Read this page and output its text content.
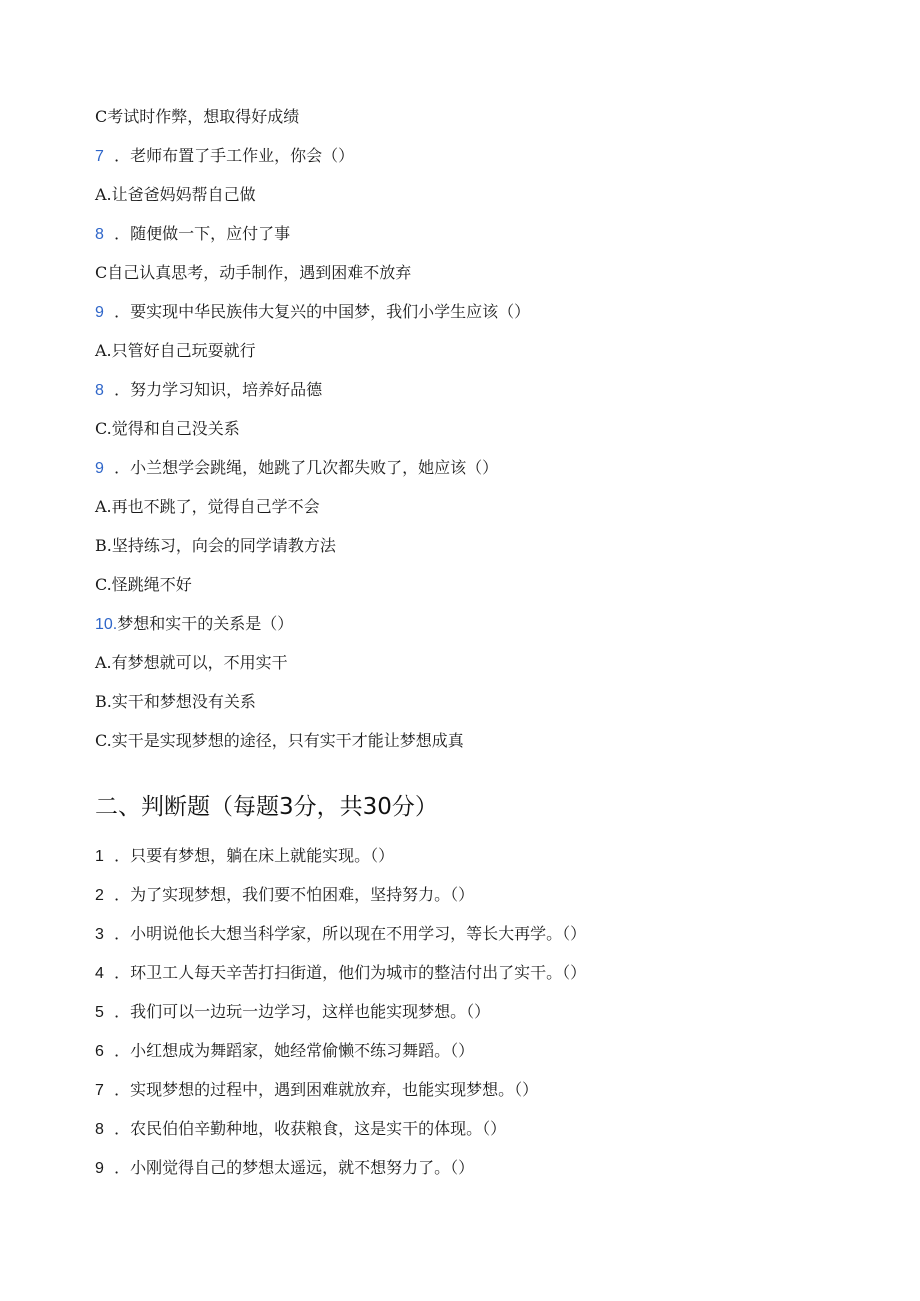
C考试时作弊，想取得好成绩
7 ．老师布置了手工作业，你会（）
A.让爸爸妈妈帮自己做
8 ．随便做一下，应付了事
C自己认真思考，动手制作，遇到困难不放弃
9 ．要实现中华民族伟大复兴的中国梦，我们小学生应该（）
A.只管好自己玩耍就行
8 ．努力学习知识，培养好品德
C.觉得和自己没关系
9 ．小兰想学会跳绳，她跳了几次都失败了，她应该（）
A.再也不跳了，觉得自己学不会
B.坚持练习，向会的同学请教方法
C.怪跳绳不好
10.梦想和实干的关系是（）
A.有梦想就可以，不用实干
B.实干和梦想没有关系
C.实干是实现梦想的途径，只有实干才能让梦想成真
二、判断题（每题3分，共30分）
1 ．只要有梦想，躺在床上就能实现。（）
2 ．为了实现梦想，我们要不怕困难，坚持努力。（）
3 ．小明说他长大想当科学家，所以现在不用学习，等长大再学。（）
4 ．环卫工人每天辛苦打扫街道，他们为城市的整洁付出了实干。（）
5 ．我们可以一边玩一边学习，这样也能实现梦想。（）
6 ．小红想成为舞蹈家，她经常偷懒不练习舞蹈。（）
7 ．实现梦想的过程中，遇到困难就放弃，也能实现梦想。（）
8 ．农民伯伯辛勤种地，收获粮食，这是实干的体现。（）
9 ．小刚觉得自己的梦想太遥远，就不想努力了。（）
